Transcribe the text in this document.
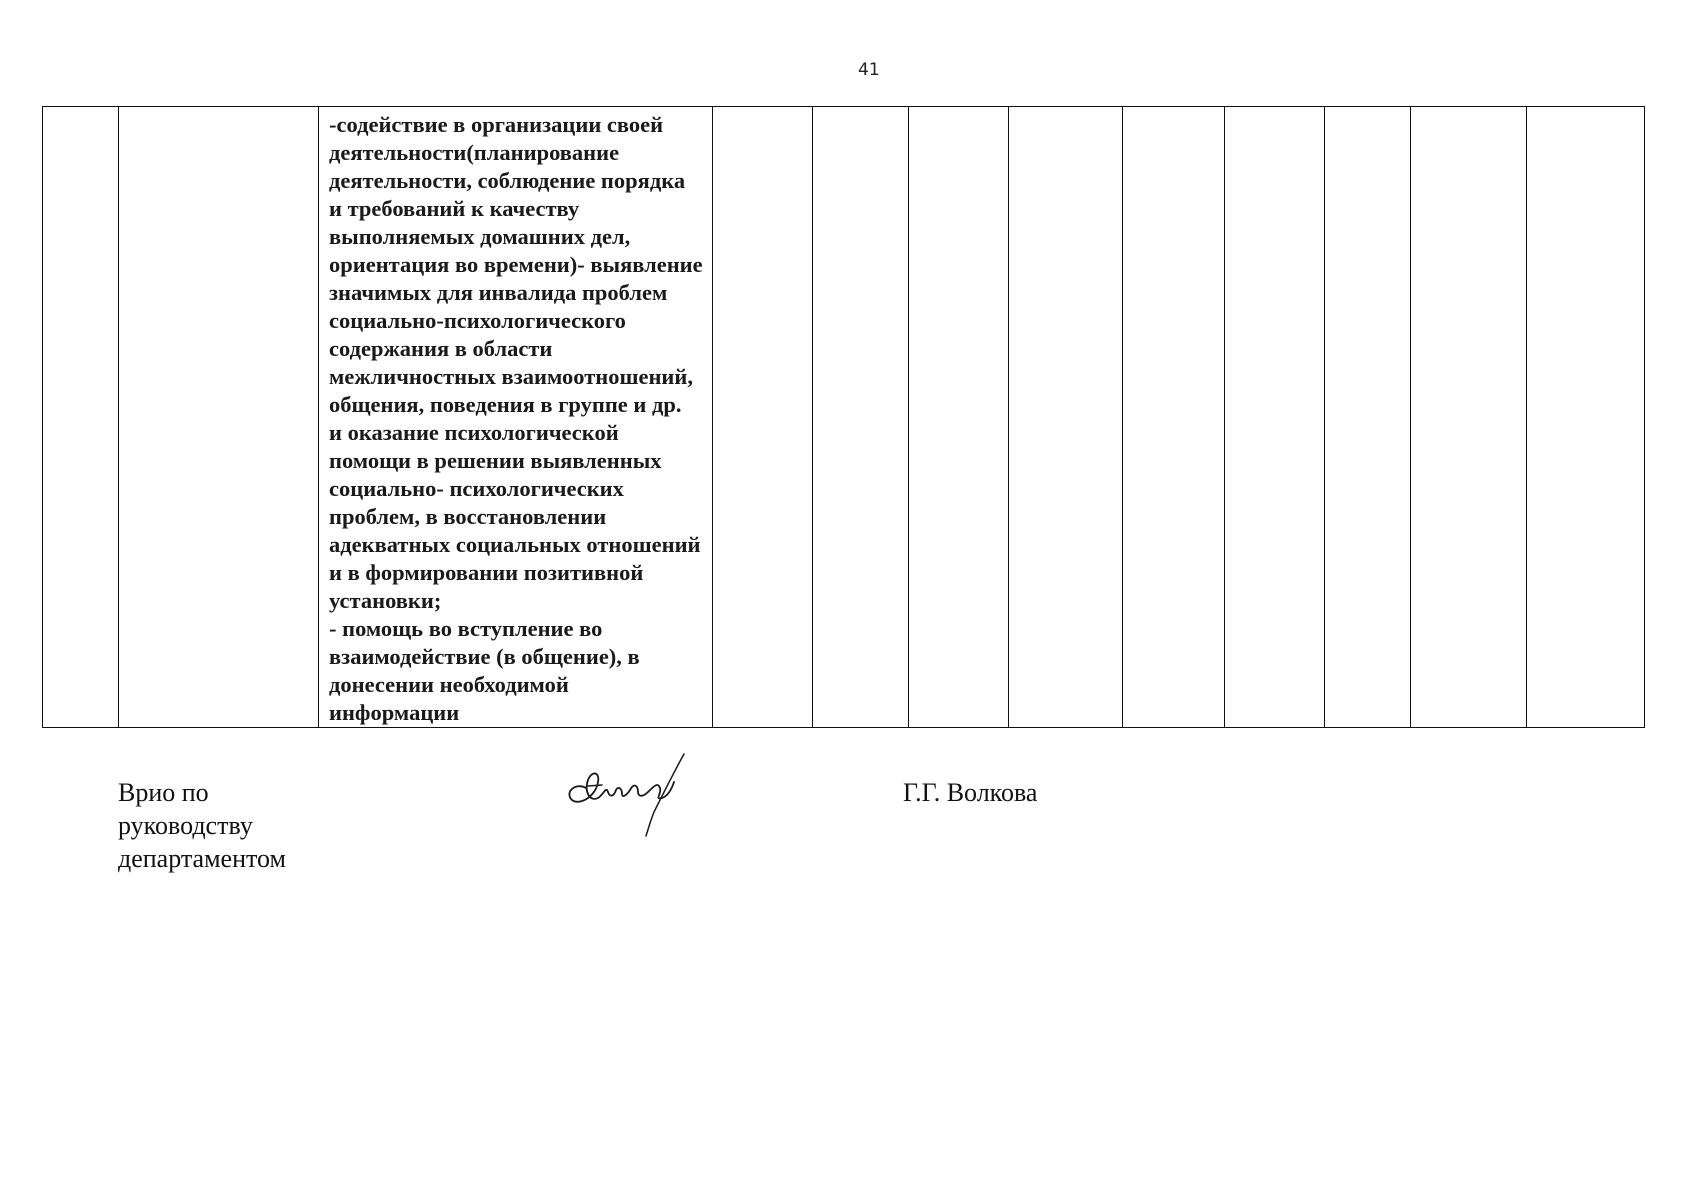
41

-содействие в организации своей
деятельности(планирование
деятельности, соблюдение порядка
и требований к качеству
выполняемых домашних дел,
ориентация во времени)- выявление
значимых для инвалида проблем
социально-психологического
содержания в области
межличностных взаимоотношений,
общения, поведения в группе и др.
и оказание психологической
помощи в решении выявленных
социально- психологических
проблем, в восстановлении
адекватных социальных отношений
и в формировании позитивной
установки;
- помощь во вступление во
взаимодействие (в общение), в
донесении необходимой
информации

Врио по
руководству
департаментом
Г.Г. Волкова
